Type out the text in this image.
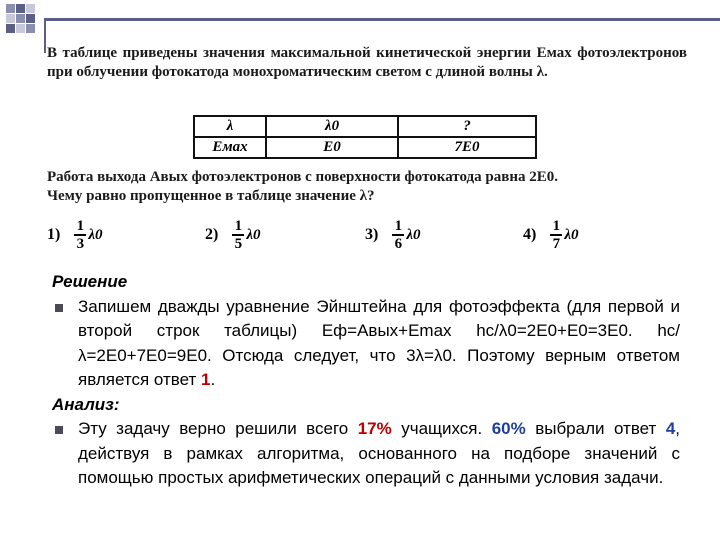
В таблице приведены значения максимальной кинетической энергии Eмах фотоэлектронов при облучении фотокатода монохроматическим светом с длиной волны λ.

λ	λ0	?
Eмах	E0	7E0

Работа выхода Aвых фотоэлектронов с поверхности фотокатода равна 2E0.

Чему равно пропущенное в таблице значение λ?

$1) \frac{1}{3} \lambda 0$	$2) \frac{1}{5} \lambda 0$	$3) \frac{1}{6} \lambda 0$	$4) \frac{1}{7} \lambda 0$
Решение
Запишем дважды уравнение Эйнштейна для фотоэффекта (для первой и второй строк таблицы) Eф=Aвых+Emax hc/λ0=2E0+E0=3E0. hc/λ=2E0+7E0=9E0. Отсюда следует, что 3λ=λ0. Поэтому верным ответом является ответ 1.
Анализ:
Эту задачу верно решили всего 17% учащихся. 60% выбрали ответ 4, действуя в рамках алгоритма, основанного на подборе значений с помощью простых арифметических операций с данными условия задачи.
